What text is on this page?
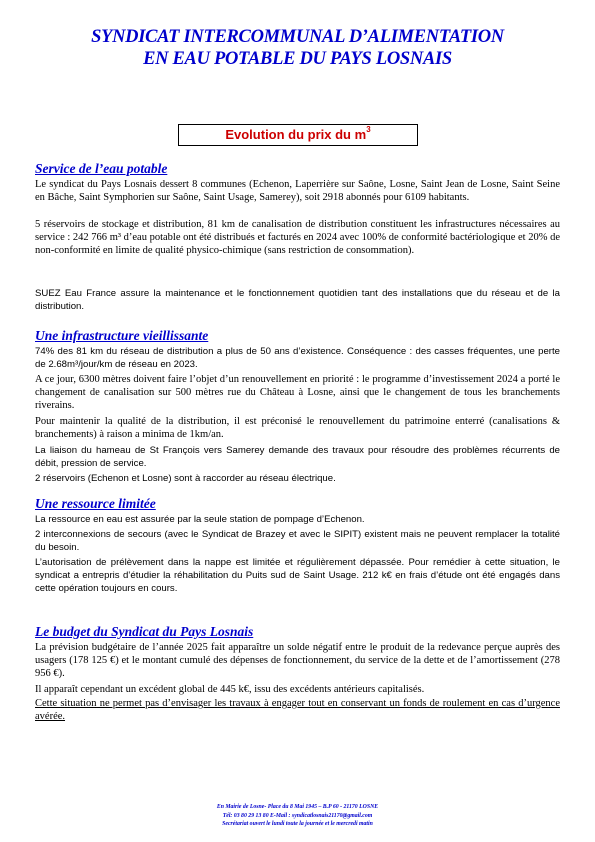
SYNDICAT INTERCOMMUNAL D’ALIMENTATION
EN EAU POTABLE DU PAYS LOSNAIS
Evolution du prix du $m^3$
Service de l’eau potable

Le syndicat du Pays Losnais dessert 8 communes (Echenon, Laperrière sur Saône, Losne, Saint Jean de Losne, Saint Seine en Bâche, Saint Symphorien sur Saône, Saint Usage, Samerey), soit 2918 abonnés pour 6109 habitants.

5 réservoirs de stockage et distribution, 81 km de canalisation de distribution constituent les infrastructures nécessaires au service : 242 766 m³ d’eau potable ont été distribués et facturés en 2024 avec 100% de conformité bactériologique et 20% de non-conformité en limite de qualité physico-chimique (sans restriction de consommation).

SUEZ Eau France assure la maintenance et le fonctionnement quotidien tant des installations que du réseau et de la distribution.

Une infrastructure vieillissante

74% des 81 km du réseau de distribution a plus de 50 ans d’existence. Conséquence : des casses fréquentes, une perte de 2.68m³/jour/km de réseau en 2023.

A ce jour, 6300 mètres doivent faire l’objet d’un renouvellement en priorité : le programme d’investissement 2024 a porté le changement de canalisation sur 500 mètres rue du Château à Losne, ainsi que le changement de tous les branchements riverains.

Pour maintenir la qualité de la distribution, il est préconisé le renouvellement du patrimoine enterré (canalisations & branchements) à raison a minima de 1km/an.

La liaison du hameau de St François vers Samerey demande des travaux pour résoudre des problèmes récurrents de débit, pression de service.

2 réservoirs (Echenon et Losne) sont à raccorder au réseau électrique.

Une ressource limitée

La ressource en eau est assurée par la seule station de pompage d’Echenon.

2 interconnexions de secours (avec le Syndicat de Brazey et avec le SIPIT) existent mais ne peuvent remplacer la totalité du besoin.

L’autorisation de prélèvement dans la nappe est limitée et régulièrement dépassée. Pour remédier à cette situation, le syndicat a entrepris d’étudier la réhabilitation du Puits sud de Saint Usage. 212 k€ en frais d’étude ont été engagés dans cette opération toujours en cours.

Le budget du Syndicat du Pays Losnais

La prévision budgétaire de l’année 2025 fait apparaître un solde négatif entre le produit de la redevance perçue auprès des usagers (178 125 €) et le montant cumulé des dépenses de fonctionnement, du service de la dette et de l’amortissement (278 956 €).

Il apparaît cependant un excédent global de 445 k€, issu des excédents antérieurs capitalisés.

Cette situation ne permet pas d’envisager les travaux à engager tout en conservant un fonds de roulement en cas d’urgence avérée.

En Mairie de Losne- Place du 8 Mai 1945 – B.P 60 - 21170 LOSNE
Tél: 03 80 29 13 80 E-Mail : syndicatlosnais21170@gmail.com
Secrétariat ouvert le lundi toute la journée et le mercredi matin
